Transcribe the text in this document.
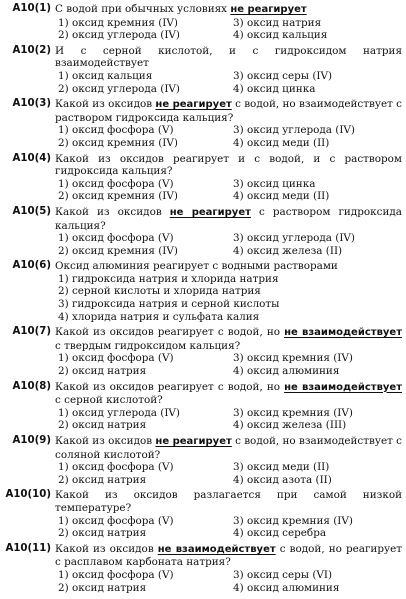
A10(1) С водой при обычных условиях не реагирует
1) оксид кремния (IV)	3) оксид натрия
2) оксид углерода (IV)	4) оксид кальция
A10(2) И с серной кислотой, и с гидроксидом натрия взаимодействует
1) оксид кальция	3) оксид серы (IV)
2) оксид углерода (IV)	4) оксид цинка
A10(3) Какой из оксидов не реагирует с водой, но взаимодействует с раствором гидроксида кальция?
1) оксид фосфора (V)	3) оксид углерода (IV)
2) оксид кремния (IV)	4) оксид меди (II)
A10(4) Какой из оксидов реагирует и с водой, и с раствором гидроксида кальция?
1) оксид фосфора (V)	3) оксид цинка
2) оксид кремния (IV)	4) оксид меди (II)
A10(5) Какой из оксидов не реагирует с раствором гидроксида кальция?
1) оксид фосфора (V)	3) оксид углерода (IV)
2) оксид кремния (IV)	4) оксид железа (II)
A10(6) Оксид алюминия реагирует с водными растворами
1) гидроксида натрия и хлорида натрия
2) серной кислоты и хлорида натрия
3) гидроксида натрия и серной кислоты
4) хлорида натрия и сульфата калия
A10(7) Какой из оксидов реагирует с водой, но не взаимодействует с твердым гидроксидом кальция?
1) оксид фосфора (V)	3) оксид кремния (IV)
2) оксид натрия	4) оксид алюминия
A10(8) Какой из оксидов реагирует с водой, но не взаимодействует с серной кислотой?
1) оксид углерода (IV)	3) оксид кремния (IV)
2) оксид натрия	4) оксид железа (III)
A10(9) Какой из оксидов не реагирует с водой, но взаимодействует с соляной кислотой?
1) оксид фосфора (V)	3) оксид меди (II)
2) оксид натрия	4) оксид азота (II)
A10(10) Какой из оксидов разлагается при самой низкой температуре?
1) оксид фосфора (V)	3) оксид кремния (IV)
2) оксид натрия	4) оксид серебра
A10(11) Какой из оксидов не взаимодействует с водой, но реагирует с расплавом карбоната натрия?
1) оксид фосфора (V)	3) оксид серы (VI)
2) оксид натрия	4) оксид алюминия
